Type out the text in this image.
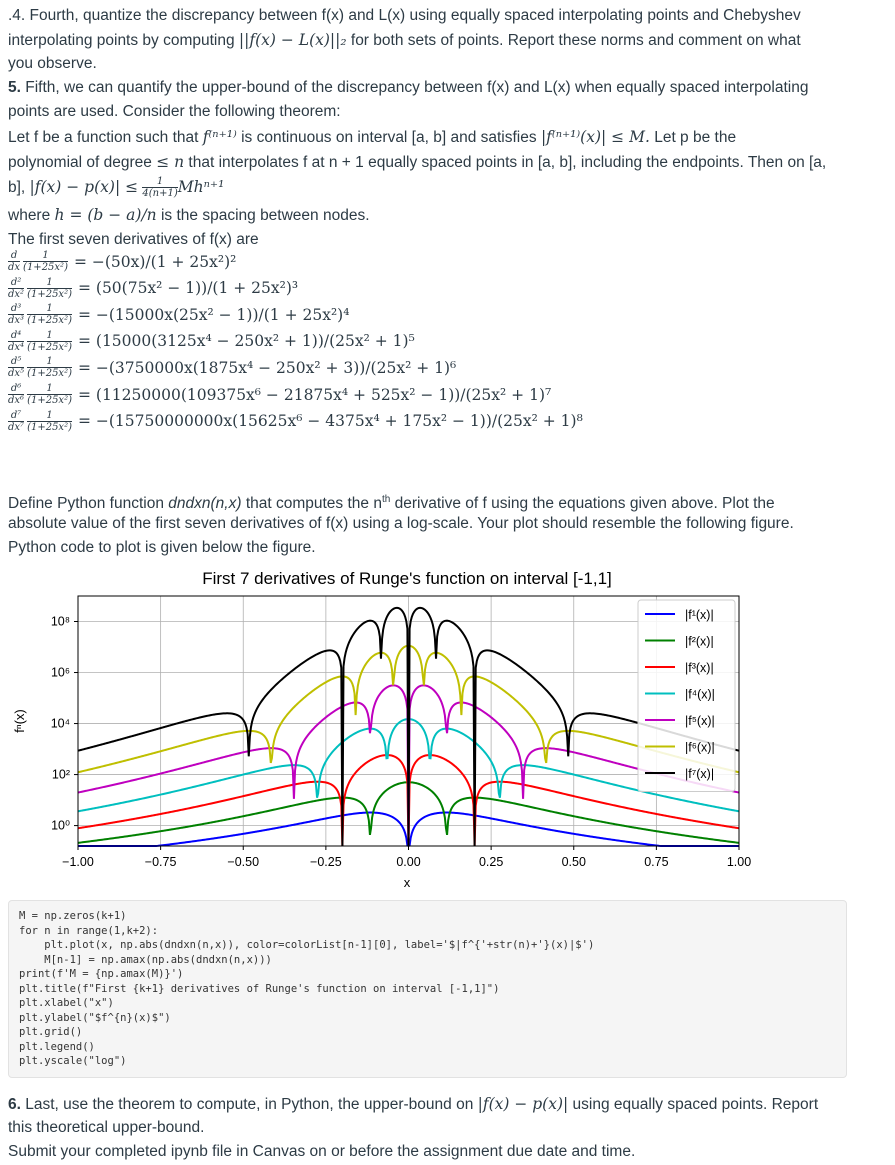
.4. Fourth, quantize the discrepancy between f(x) and L(x) using equally spaced interpolating points and Chebyshev
interpolating points by computing ||f(x) − L(x)||₂ for both sets of points. Report these norms and comment on what
you observe.
5. Fifth, we can quantify the upper-bound of the discrepancy between f(x) and L(x) when equally spaced interpolating
points are used. Consider the following theorem:
Let f be a function such that f⁽ⁿ⁺¹⁾ is continuous on interval [a, b] and satisfies |f⁽ⁿ⁺¹⁾(x)| ≤ M. Let p be the
polynomial of degree ≤ n that interpolates f at n + 1 equally spaced points in [a, b], including the endpoints. Then on [a,
b], $|f(x) - p(x)| \le \frac{1}{4(n+1)} Mh^{n+1}$
where h = (b − a)/n is the spacing between nodes.
The first seven derivatives of f(x) are
$\frac{d}{dx} \frac{1}{\text{(1+25x²)}} = -(50x)/(1 + 25x^2)^2$
$\frac{\text{d²}}{\text{dx²}} \frac{1}{\text{(1+25x²)}} = (50(75x^2 - 1))/(1 + 25x^2)^3$
$\frac{\text{d³}}{\text{dx³}} \frac{1}{\text{(1+25x²)}} = -(15000x(25x^2 - 1))/(1 + 25x^2)^4$
$\frac{\text{d⁴}}{\text{dx⁴}} \frac{1}{\text{(1+25x²)}} = (15000(3125x^4 - 250x^2 + 1))/(25x^2 + 1)^5$
$\frac{\text{d⁵}}{\text{dx⁵}} \frac{1}{\text{(1+25x²)}} = -(3750000x(1875x^4 - 250x^2 + 3))/(25x^2 + 1)^6$
$\frac{\text{d⁶}}{\text{dx⁶}} \frac{1}{\text{(1+25x²)}} = (11250000(109375x^6 - 21875x^4 + 525x^2 - 1))/(25x^2 + 1)^7$
$\frac{\text{d⁷}}{\text{dx⁷}} \frac{1}{\text{(1+25x²)}} = -(15750000000x(15625x^6 - 4375x^4 + 175x^2 - 1))/(25x^2 + 1)^8$
Define Python function dndxn(n,x) that computes the $n^{th}$ derivative of f using the equations given above. Plot the
absolute value of the first seven derivatives of f(x) using a log-scale. Your plot should resemble the following figure.
Python code to plot is given below the figure.
First 7 derivatives of Runge's function on interval [-1,1]
−1.00	−0.75	−0.50	−0.25	0.00	0.25	0.50	0.75	1.00
10⁰
10²
10⁴
10⁶
10⁸
x
fⁿ(x)
|f¹(x)|
|f²(x)|
|f³(x)|
|f⁴(x)|
|f⁵(x)|
|f⁶(x)|
|f⁷(x)|
M = np.zeros(k+1)
for n in range(1,k+2):
plt.plot(x, np.abs(dndxn(n,x)), color=colorList[n-1][0], label='$|f^{'+str(n)+'}(x)|$')
M[n-1] = np.amax(np.abs(dndxn(n,x)))
print(f'M = {np.amax(M)}')
plt.title(f"First {k+1} derivatives of Runge's function on interval [-1,1]")
plt.xlabel("x")
plt.ylabel("$f^{n}(x)$")
plt.grid()
plt.legend()
plt.yscale("log")
6. Last, use the theorem to compute, in Python, the upper-bound on |f(x) − p(x)| using equally spaced points. Report
this theoretical upper-bound.
Submit your completed ipynb file in Canvas on or before the assignment due date and time.
